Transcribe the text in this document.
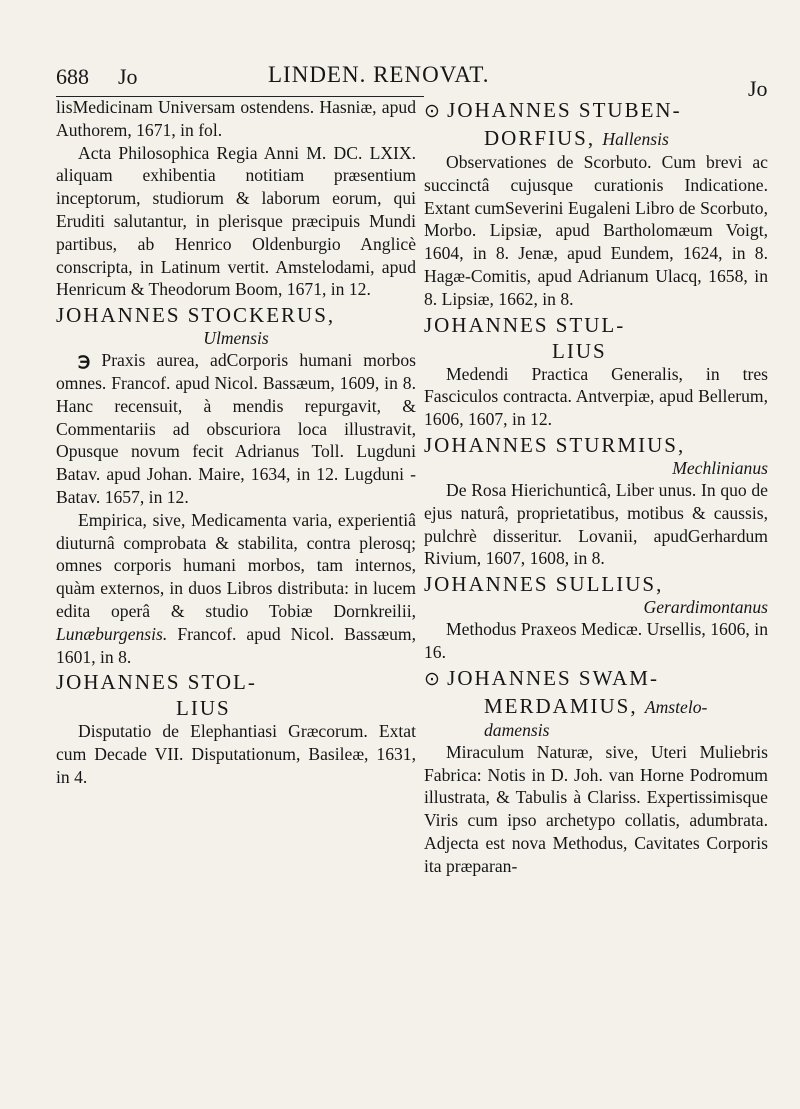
688 Jo	LINDEN. RENOVAT.
Jo

lisMedicinam Universam ostendens. Hasniæ, apud Authorem, 1671, in fol.

Acta Philosophica Regia Anni M. DC. LXIX. aliquam exhibentia notitiam præsentium inceptorum, studiorum & laborum eorum, qui Eruditi salutantur, in plerisque præcipuis Mundi partibus, ab Henrico Oldenburgio Anglicè conscripta, in Latinum vertit. Amstelodami, apud Henricum & Theodorum Boom, 1671, in 12.

JOHANNES STOCKERUS,
Ulmensis

℈ Praxis aurea, adCorporis humani morbos omnes. Francof. apud Nicol. Bassæum, 1609, in 8. Hanc recensuit, à mendis repurgavit, & Commentariis ad obscuriora loca illustravit, Opusque novum fecit Adrianus Toll. Lugduni Batav. apud Johan. Maire, 1634, in 12. Lugduni - Batav. 1657, in 12.

Empirica, sive, Medicamenta varia, experientiâ diuturnâ comprobata & stabilita, contra plerosq; omnes corporis humani morbos, tam internos, quàm externos, in duos Libros distributa: in lucem edita operâ & studio Tobiæ Dornkreilii, Lunæburgensis. Francof. apud Nicol. Bassæum, 1601, in 8.

JOHANNES STOL-
LIUS

Disputatio de Elephantiasi Græcorum. Extat cum Decade VII. Disputationum, Basileæ, 1631, in 4.

⊙ JOHANNES STUBEN-
DORFIUS, Hallensis

Observationes de Scorbuto. Cum brevi ac succinctâ cujusque curationis Indicatione. Extant cumSeverini Eugaleni Libro de Scorbuto, Morbo. Lipsiæ, apud Bartholomæum Voigt, 1604, in 8. Jenæ, apud Eundem, 1624, in 8. Hagæ-Comitis, apud Adrianum Ulacq, 1658, in 8. Lipsiæ, 1662, in 8.

JOHANNES STUL-
LIUS

Medendi Practica Generalis, in tres Fasciculos contracta. Antverpiæ, apud Bellerum, 1606, 1607, in 12.

JOHANNES STURMIUS,
Mechlinianus

De Rosa Hierichunticâ, Liber unus. In quo de ejus naturâ, proprietatibus, motibus & caussis, pulchrè disseritur. Lovanii, apudGerhardum Rivium, 1607, 1608, in 8.

JOHANNES SULLIUS,
Gerardimontanus

Methodus Praxeos Medicæ. Ursellis, 1606, in 16.

⊙ JOHANNES SWAM-
MERDAMIUS, Amstelo-
damensis

Miraculum Naturæ, sive, Uteri Muliebris Fabrica: Notis in D. Joh. van Horne Podromum illustrata, & Tabulis à Clariss. Expertissimisque Viris cum ipso archetypo collatis, adumbrata. Adjecta est nova Methodus, Cavitates Corporis ita præparan-
